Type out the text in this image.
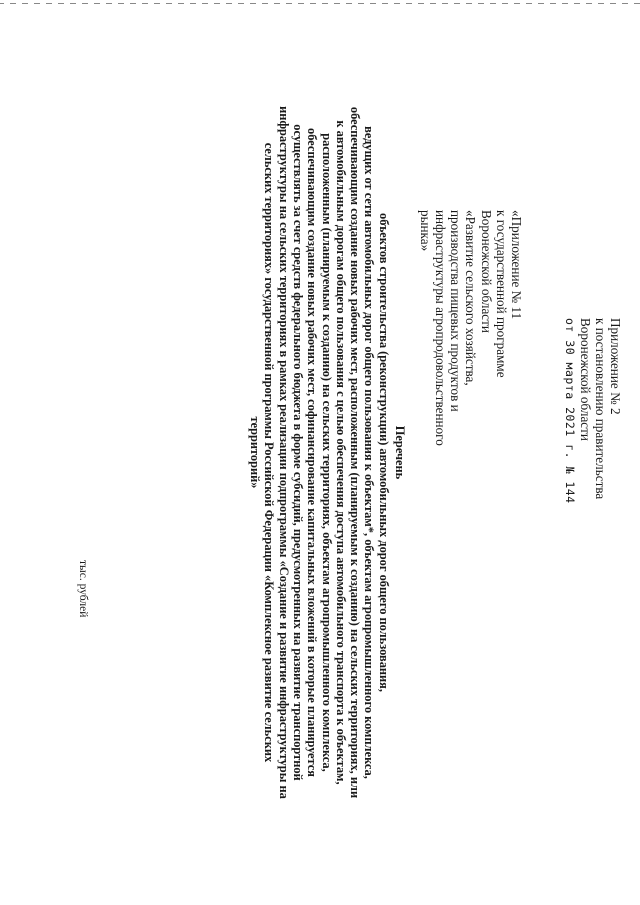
Приложение № 2
к постановлению правительства
Воронежской области
от 30 марта 2021 г. № 144
«Приложение № 11
к государственной программе
Воронежской области
«Развитие сельского хозяйства,
производства пищевых продуктов и
инфраструктуры агропродовольственного
рынка»
Перечень
объектов строительства (реконструкции) автомобильных дорог общего пользования,
ведущих от сети автомобильных дорог общего пользования к объектам*, объектам агропромышленного комплекса,
обеспечивающим создание новых рабочих мест, расположенным (планируемым к созданию) на сельских территориях, или
к автомобильным дорогам общего пользования с целью обеспечения доступа автомобильного транспорта к объектам,
расположенным (планируемым к созданию) на сельских территориях, объектам агропромышленного комплекса,
обеспечивающим создание новых рабочих мест, софинансирование капитальных вложений в которые планируется
осуществлять за счет средств федерального бюджета в форме субсидий, предусмотренных на развитие транспортной
инфраструктуры на сельских территориях в рамках реализации подпрограммы «Создание и развитие инфраструктуры на
сельских территориях» государственной программы Российской Федерации «Комплексное развитие сельских
территорий»
тыс. рублей
